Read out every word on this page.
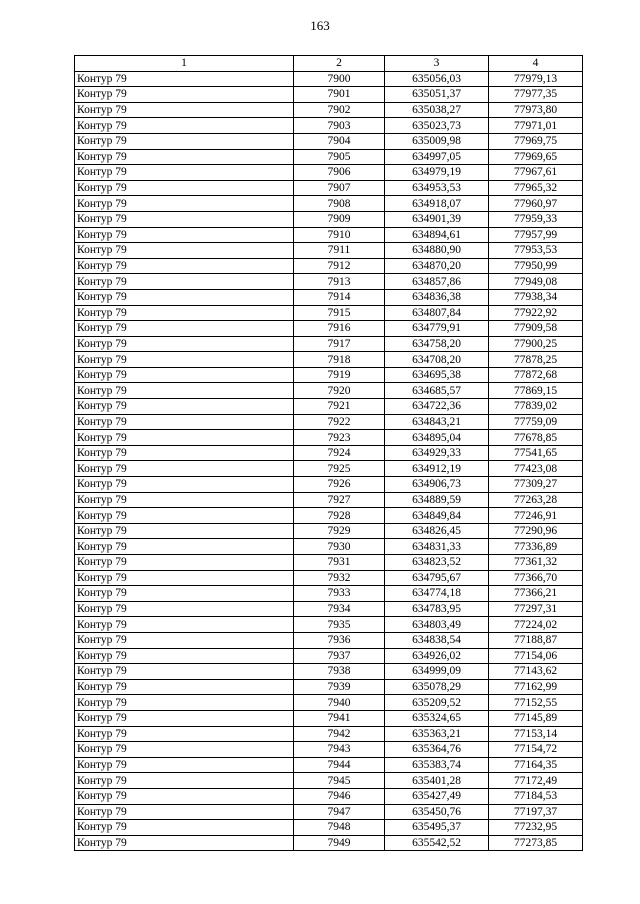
163
1	2	3	4
Контур 79	7900	635056,03	77979,13
Контур 79	7901	635051,37	77977,35
Контур 79	7902	635038,27	77973,80
Контур 79	7903	635023,73	77971,01
Контур 79	7904	635009,98	77969,75
Контур 79	7905	634997,05	77969,65
Контур 79	7906	634979,19	77967,61
Контур 79	7907	634953,53	77965,32
Контур 79	7908	634918,07	77960,97
Контур 79	7909	634901,39	77959,33
Контур 79	7910	634894,61	77957,99
Контур 79	7911	634880,90	77953,53
Контур 79	7912	634870,20	77950,99
Контур 79	7913	634857,86	77949,08
Контур 79	7914	634836,38	77938,34
Контур 79	7915	634807,84	77922,92
Контур 79	7916	634779,91	77909,58
Контур 79	7917	634758,20	77900,25
Контур 79	7918	634708,20	77878,25
Контур 79	7919	634695,38	77872,68
Контур 79	7920	634685,57	77869,15
Контур 79	7921	634722,36	77839,02
Контур 79	7922	634843,21	77759,09
Контур 79	7923	634895,04	77678,85
Контур 79	7924	634929,33	77541,65
Контур 79	7925	634912,19	77423,08
Контур 79	7926	634906,73	77309,27
Контур 79	7927	634889,59	77263,28
Контур 79	7928	634849,84	77246,91
Контур 79	7929	634826,45	77290,96
Контур 79	7930	634831,33	77336,89
Контур 79	7931	634823,52	77361,32
Контур 79	7932	634795,67	77366,70
Контур 79	7933	634774,18	77366,21
Контур 79	7934	634783,95	77297,31
Контур 79	7935	634803,49	77224,02
Контур 79	7936	634838,54	77188,87
Контур 79	7937	634926,02	77154,06
Контур 79	7938	634999,09	77143,62
Контур 79	7939	635078,29	77162,99
Контур 79	7940	635209,52	77152,55
Контур 79	7941	635324,65	77145,89
Контур 79	7942	635363,21	77153,14
Контур 79	7943	635364,76	77154,72
Контур 79	7944	635383,74	77164,35
Контур 79	7945	635401,28	77172,49
Контур 79	7946	635427,49	77184,53
Контур 79	7947	635450,76	77197,37
Контур 79	7948	635495,37	77232,95
Контур 79	7949	635542,52	77273,85
